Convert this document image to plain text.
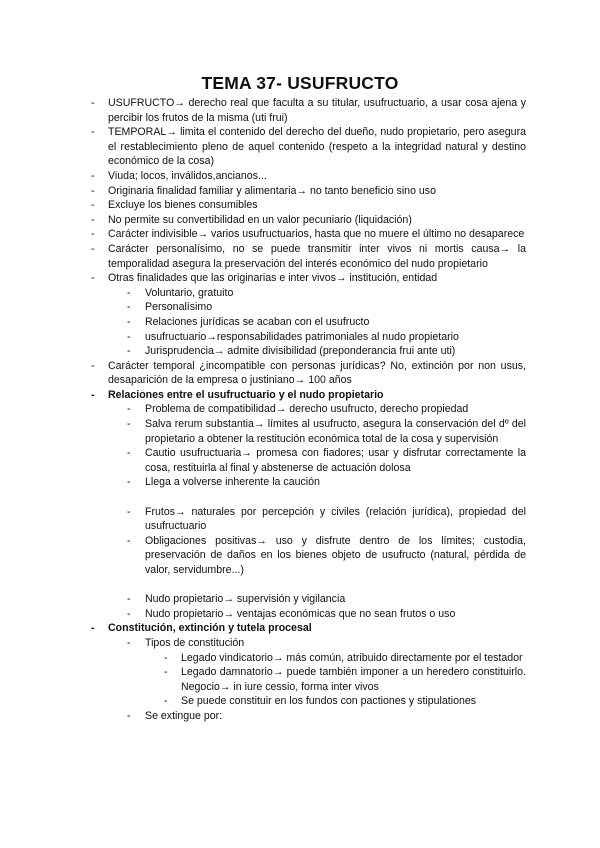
TEMA 37- USUFRUCTO
- USUFRUCTO→ derecho real que faculta a su titular, usufructuario, a usar cosa ajena y percibir los frutos de la misma (uti frui)
- TEMPORAL→ limita el contenido del derecho del dueño, nudo propietario, pero asegura el restablecimiento pleno de aquel contenido (respeto a la integridad natural y destino económico de la cosa)
- Viuda; locos, inválidos,ancianos...
- Originaria finalidad familiar y alimentaria→ no tanto beneficio sino uso
- Excluye los bienes consumibles
- No permite su convertibilidad en un valor pecuniario (liquidación)
- Carácter indivisible→ varios usufructuarios, hasta que no muere el último no desaparece
- Carácter personalísimo, no se puede transmitir inter vivos ni mortis causa→ la temporalidad asegura la preservación del interés económico del nudo propietario
- Otras finalidades que las originarias e inter vivos→ institución, entidad
- Voluntario, gratuito
- Personalísimo
- Relaciones jurídicas se acaban con el usufructo
- usufructuario→responsabilidades patrimoniales al nudo propietario
- Jurisprudencia→ admite divisibilidad (preponderancia frui ante uti)
- Carácter temporal ¿incompatible con personas jurídicas? No, extinción por non usus, desaparición de la empresa o justiniano→ 100 años
- Relaciones entre el usufructuario y el nudo propietario
- Problema de compatibilidad→ derecho usufructo, derecho propiedad
- Salva rerum substantia→ límites al usufructo, asegura la conservación del dº del propietario a obtener la restitución económica total de la cosa y supervisión
- Cautio usufructuaria→ promesa con fiadores; usar y disfrutar correctamente la cosa, restituirla al final y abstenerse de actuación dolosa
- Llega a volverse inherente la caución
- Frutos→ naturales por percepción y civiles (relación jurídica), propiedad del usufructuario
- Obligaciones positivas→ uso y disfrute dentro de los límites; custodia, preservación de daños en los bienes objeto de usufructo (natural, pérdida de valor, servidumbre...)
- Nudo propietario→ supervisión y vigilancia
- Nudo propietario→ ventajas económicas que no sean frutos o uso
- Constitución, extinción y tutela procesal
- Tipos de constitución
- Legado vindicatorio→ más común, atribuido directamente por el testador
- Legado damnatorio→ puede también imponer a un heredero constituirlo. Negocio→ in iure cessio, forma inter vivos
- Se puede constituir en los fundos con pactiones y stipulationes
- Se extingue por:
